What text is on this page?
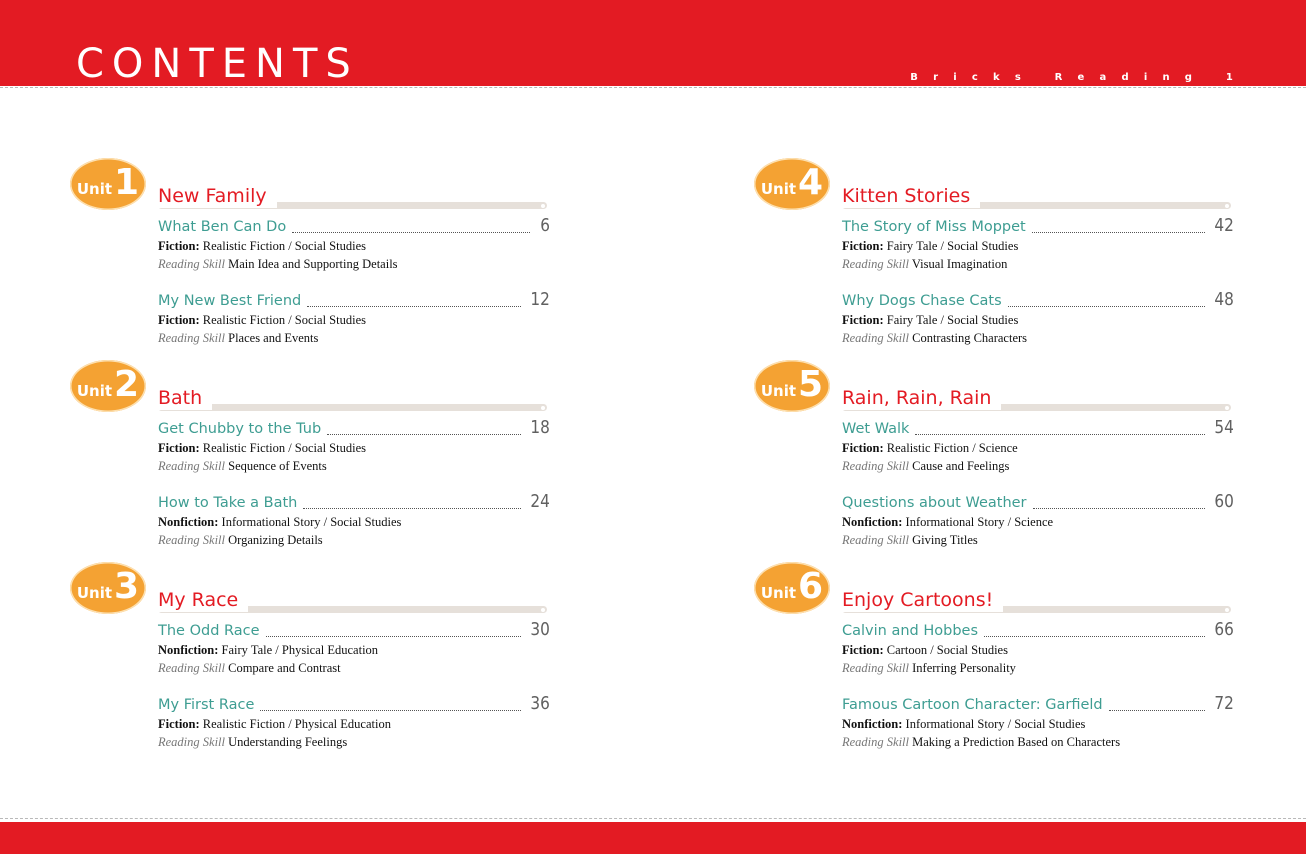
CONTENTS	Bricks Reading 1
Unit 1 New Family
What Ben Can Do	6
Fiction: Realistic Fiction / Social Studies
Reading Skill Main Idea and Supporting Details
My New Best Friend	12
Fiction: Realistic Fiction / Social Studies
Reading Skill Places and Events
Unit 2 Bath
Get Chubby to the Tub	18
Fiction: Realistic Fiction / Social Studies
Reading Skill Sequence of Events
How to Take a Bath	24
Nonfiction: Informational Story / Social Studies
Reading Skill Organizing Details
Unit 3 My Race
The Odd Race	30
Nonfiction: Fairy Tale / Physical Education
Reading Skill Compare and Contrast
My First Race	36
Fiction: Realistic Fiction / Physical Education
Reading Skill Understanding Feelings
Unit 4 Kitten Stories
The Story of Miss Moppet	42
Fiction: Fairy Tale / Social Studies
Reading Skill Visual Imagination
Why Dogs Chase Cats	48
Fiction: Fairy Tale / Social Studies
Reading Skill Contrasting Characters
Unit 5 Rain, Rain, Rain
Wet Walk	54
Fiction: Realistic Fiction / Science
Reading Skill Cause and Feelings
Questions about Weather	60
Nonfiction: Informational Story / Science
Reading Skill Giving Titles
Unit 6 Enjoy Cartoons!
Calvin and Hobbes	66
Fiction: Cartoon / Social Studies
Reading Skill Inferring Personality
Famous Cartoon Character: Garfield	72
Nonfiction: Informational Story / Social Studies
Reading Skill Making a Prediction Based on Characters
